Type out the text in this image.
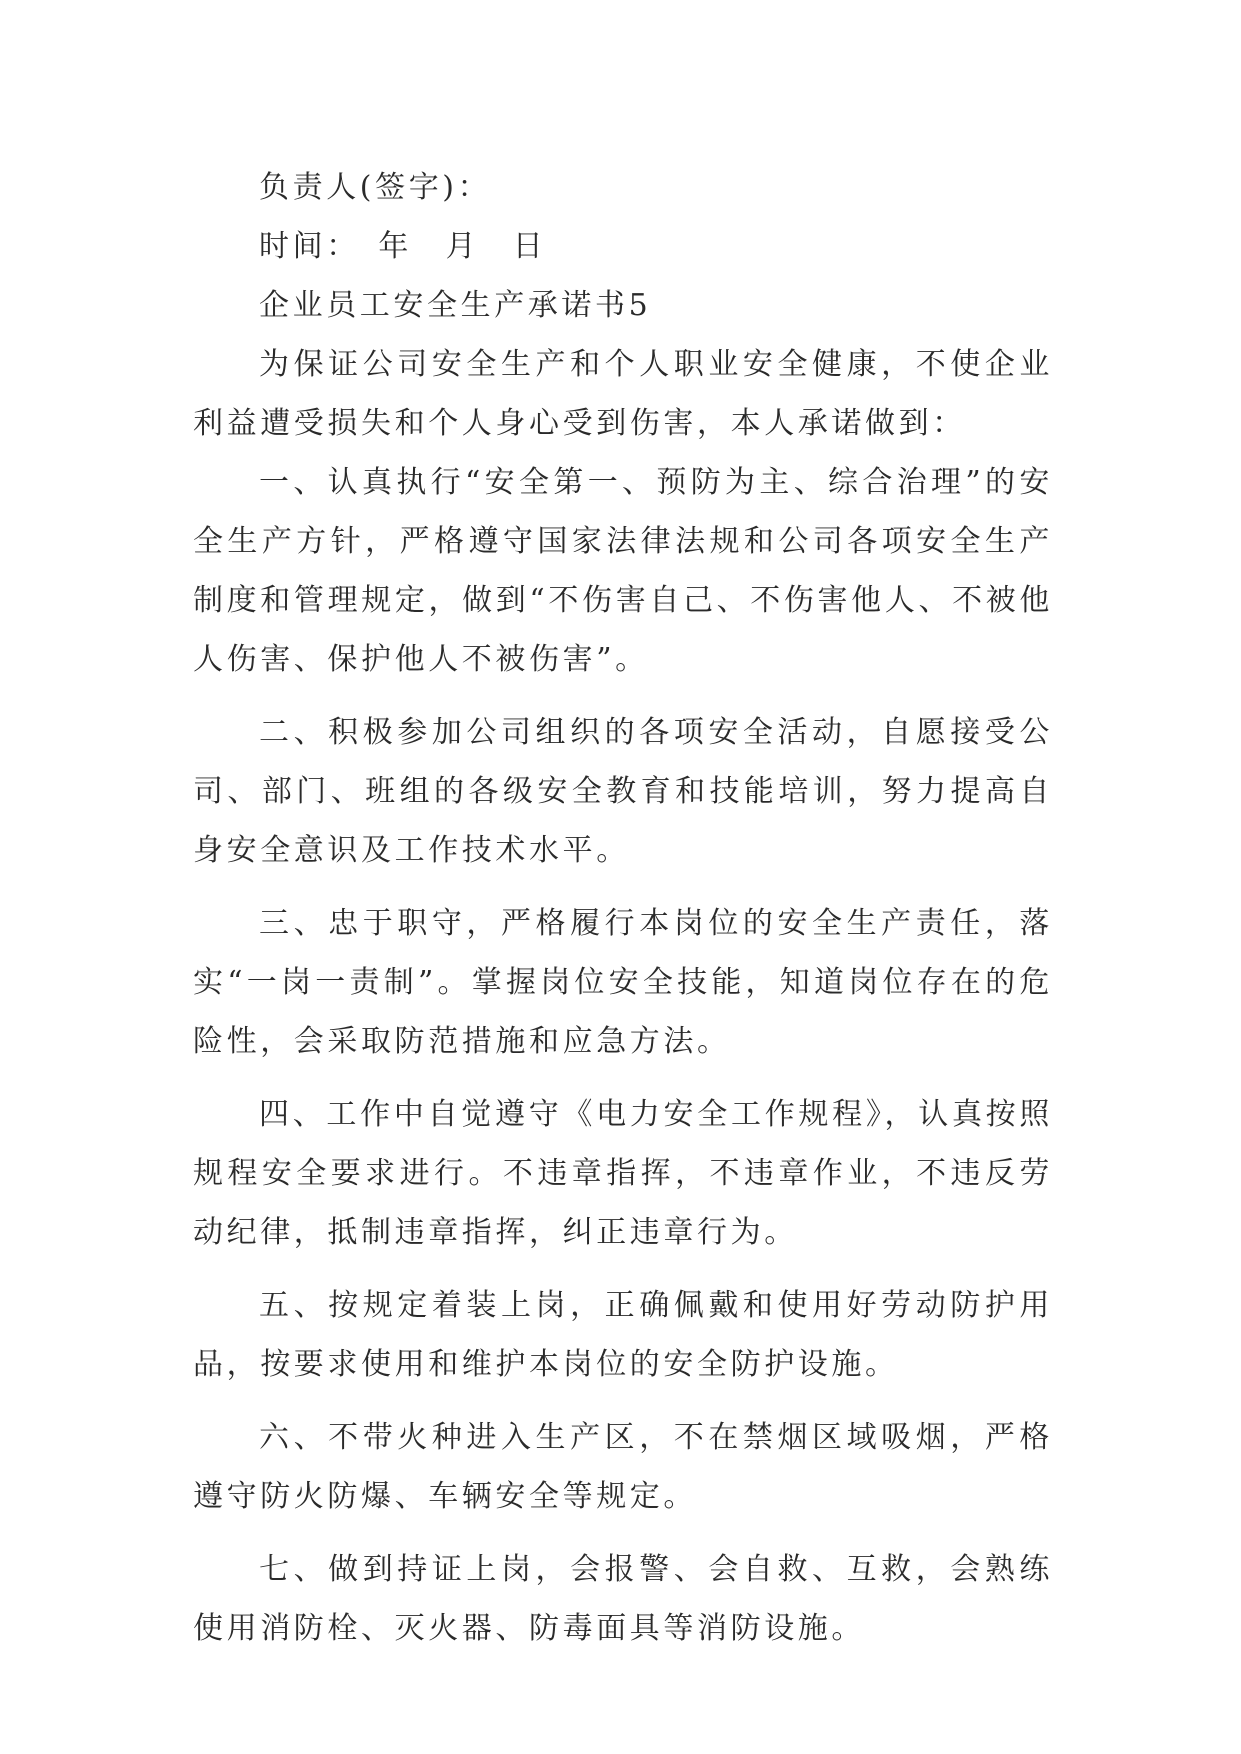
负责人(签字)：
时间：　年　月　日
企业员工安全生产承诺书5
为保证公司安全生产和个人职业安全健康，不使企业利益遭受损失和个人身心受到伤害，本人承诺做到：
一、认真执行“安全第一、预防为主、综合治理”的安全生产方针，严格遵守国家法律法规和公司各项安全生产制度和管理规定，做到“不伤害自己、不伤害他人、不被他人伤害、保护他人不被伤害”。
二、积极参加公司组织的各项安全活动，自愿接受公司、部门、班组的各级安全教育和技能培训，努力提高自身安全意识及工作技术水平。
三、忠于职守，严格履行本岗位的安全生产责任，落实“一岗一责制”。掌握岗位安全技能，知道岗位存在的危险性，会采取防范措施和应急方法。
四、工作中自觉遵守《电力安全工作规程》，认真按照规程安全要求进行。不违章指挥，不违章作业，不违反劳动纪律，抵制违章指挥，纠正违章行为。
五、按规定着装上岗，正确佩戴和使用好劳动防护用品，按要求使用和维护本岗位的安全防护设施。
六、不带火种进入生产区，不在禁烟区域吸烟，严格遵守防火防爆、车辆安全等规定。
七、做到持证上岗，会报警、会自救、互救，会熟练使用消防栓、灭火器、防毒面具等消防设施。
